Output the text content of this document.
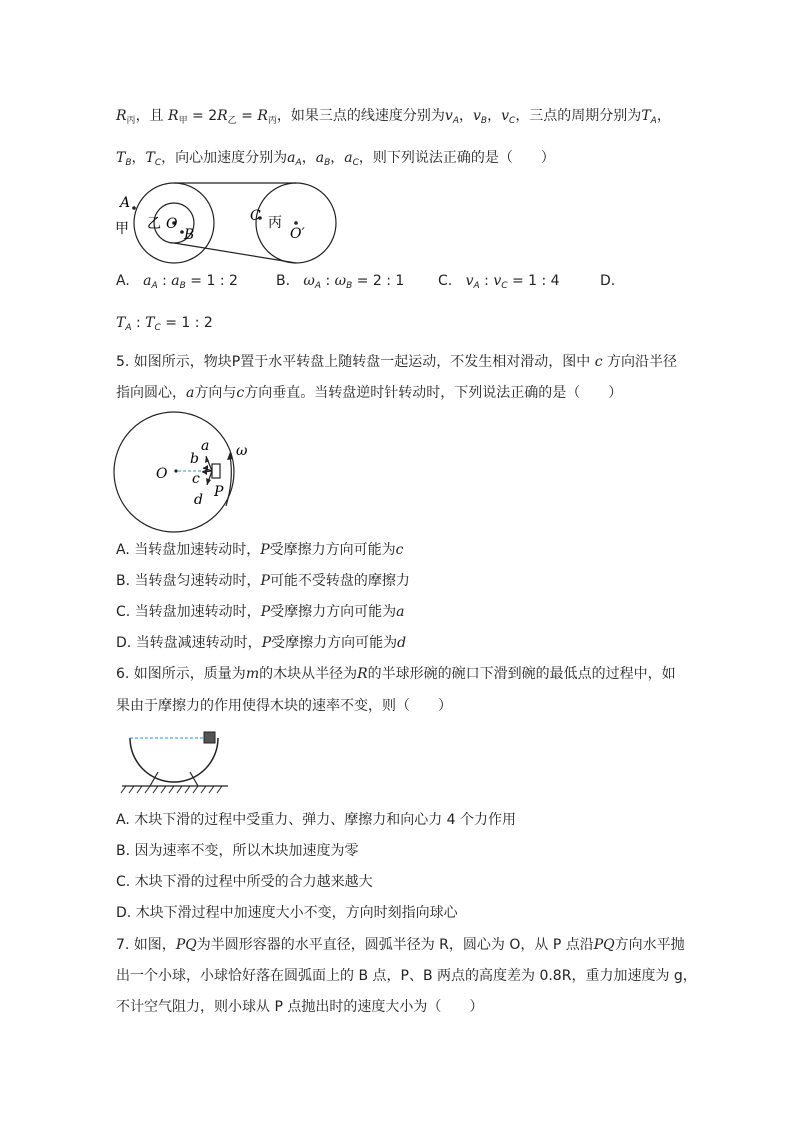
$R_丙$，且 $R_甲 = 2R_乙 = R_丙$，如果三点的线速度分别为$v_A$，$v_B$，$v_C$，三点的周期分别为$T_A$，
$T_B$，$T_C$，向心加速度分别为$a_A$，$a_B$，$a_C$，则下列说法正确的是（　　）
A
O
B
C
O′
甲 乙	丙
A. $a_A$ : $a_B = 1$ : 2	B. $\omega_A$ : $\omega_B = 2$ : 1 C. $v_A$ : $v_C = 1$ : 4	D.
$T_A$ : $T_C = 1$ : 2
5. 如图所示，物块P置于水平转盘上随转盘一起运动，不发生相对滑动，图中 c 方向沿半径
指向圆心，a方向与c方向垂直。当转盘逆时针转动时，下列说法正确的是（　　）
a
b
O c
d P
ω
A. 当转盘加速转动时，P受摩擦力方向可能为c
B. 当转盘匀速转动时，P可能不受转盘的摩擦力
C. 当转盘加速转动时，P受摩擦力方向可能为a
D. 当转盘减速转动时，P受摩擦力方向可能为d
6. 如图所示，质量为m的木块从半径为R的半球形碗的碗口下滑到碗的最低点的过程中，如
果由于摩擦力的作用使得木块的速率不变，则（　　）
A. 木块下滑的过程中受重力、弹力、摩擦力和向心力 4 个力作用
B. 因为速率不变，所以木块加速度为零
C. 木块下滑的过程中所受的合力越来越大
D. 木块下滑过程中加速度大小不变，方向时刻指向球心
7. 如图，PQ为半圆形容器的水平直径，圆弧半径为 R，圆心为 O，从 P 点沿PQ方向水平抛
出一个小球，小球恰好落在圆弧面上的 B 点，P、B 两点的高度差为 0.8R，重力加速度为 g，
不计空气阻力，则小球从 P 点抛出时的速度大小为（　　）
